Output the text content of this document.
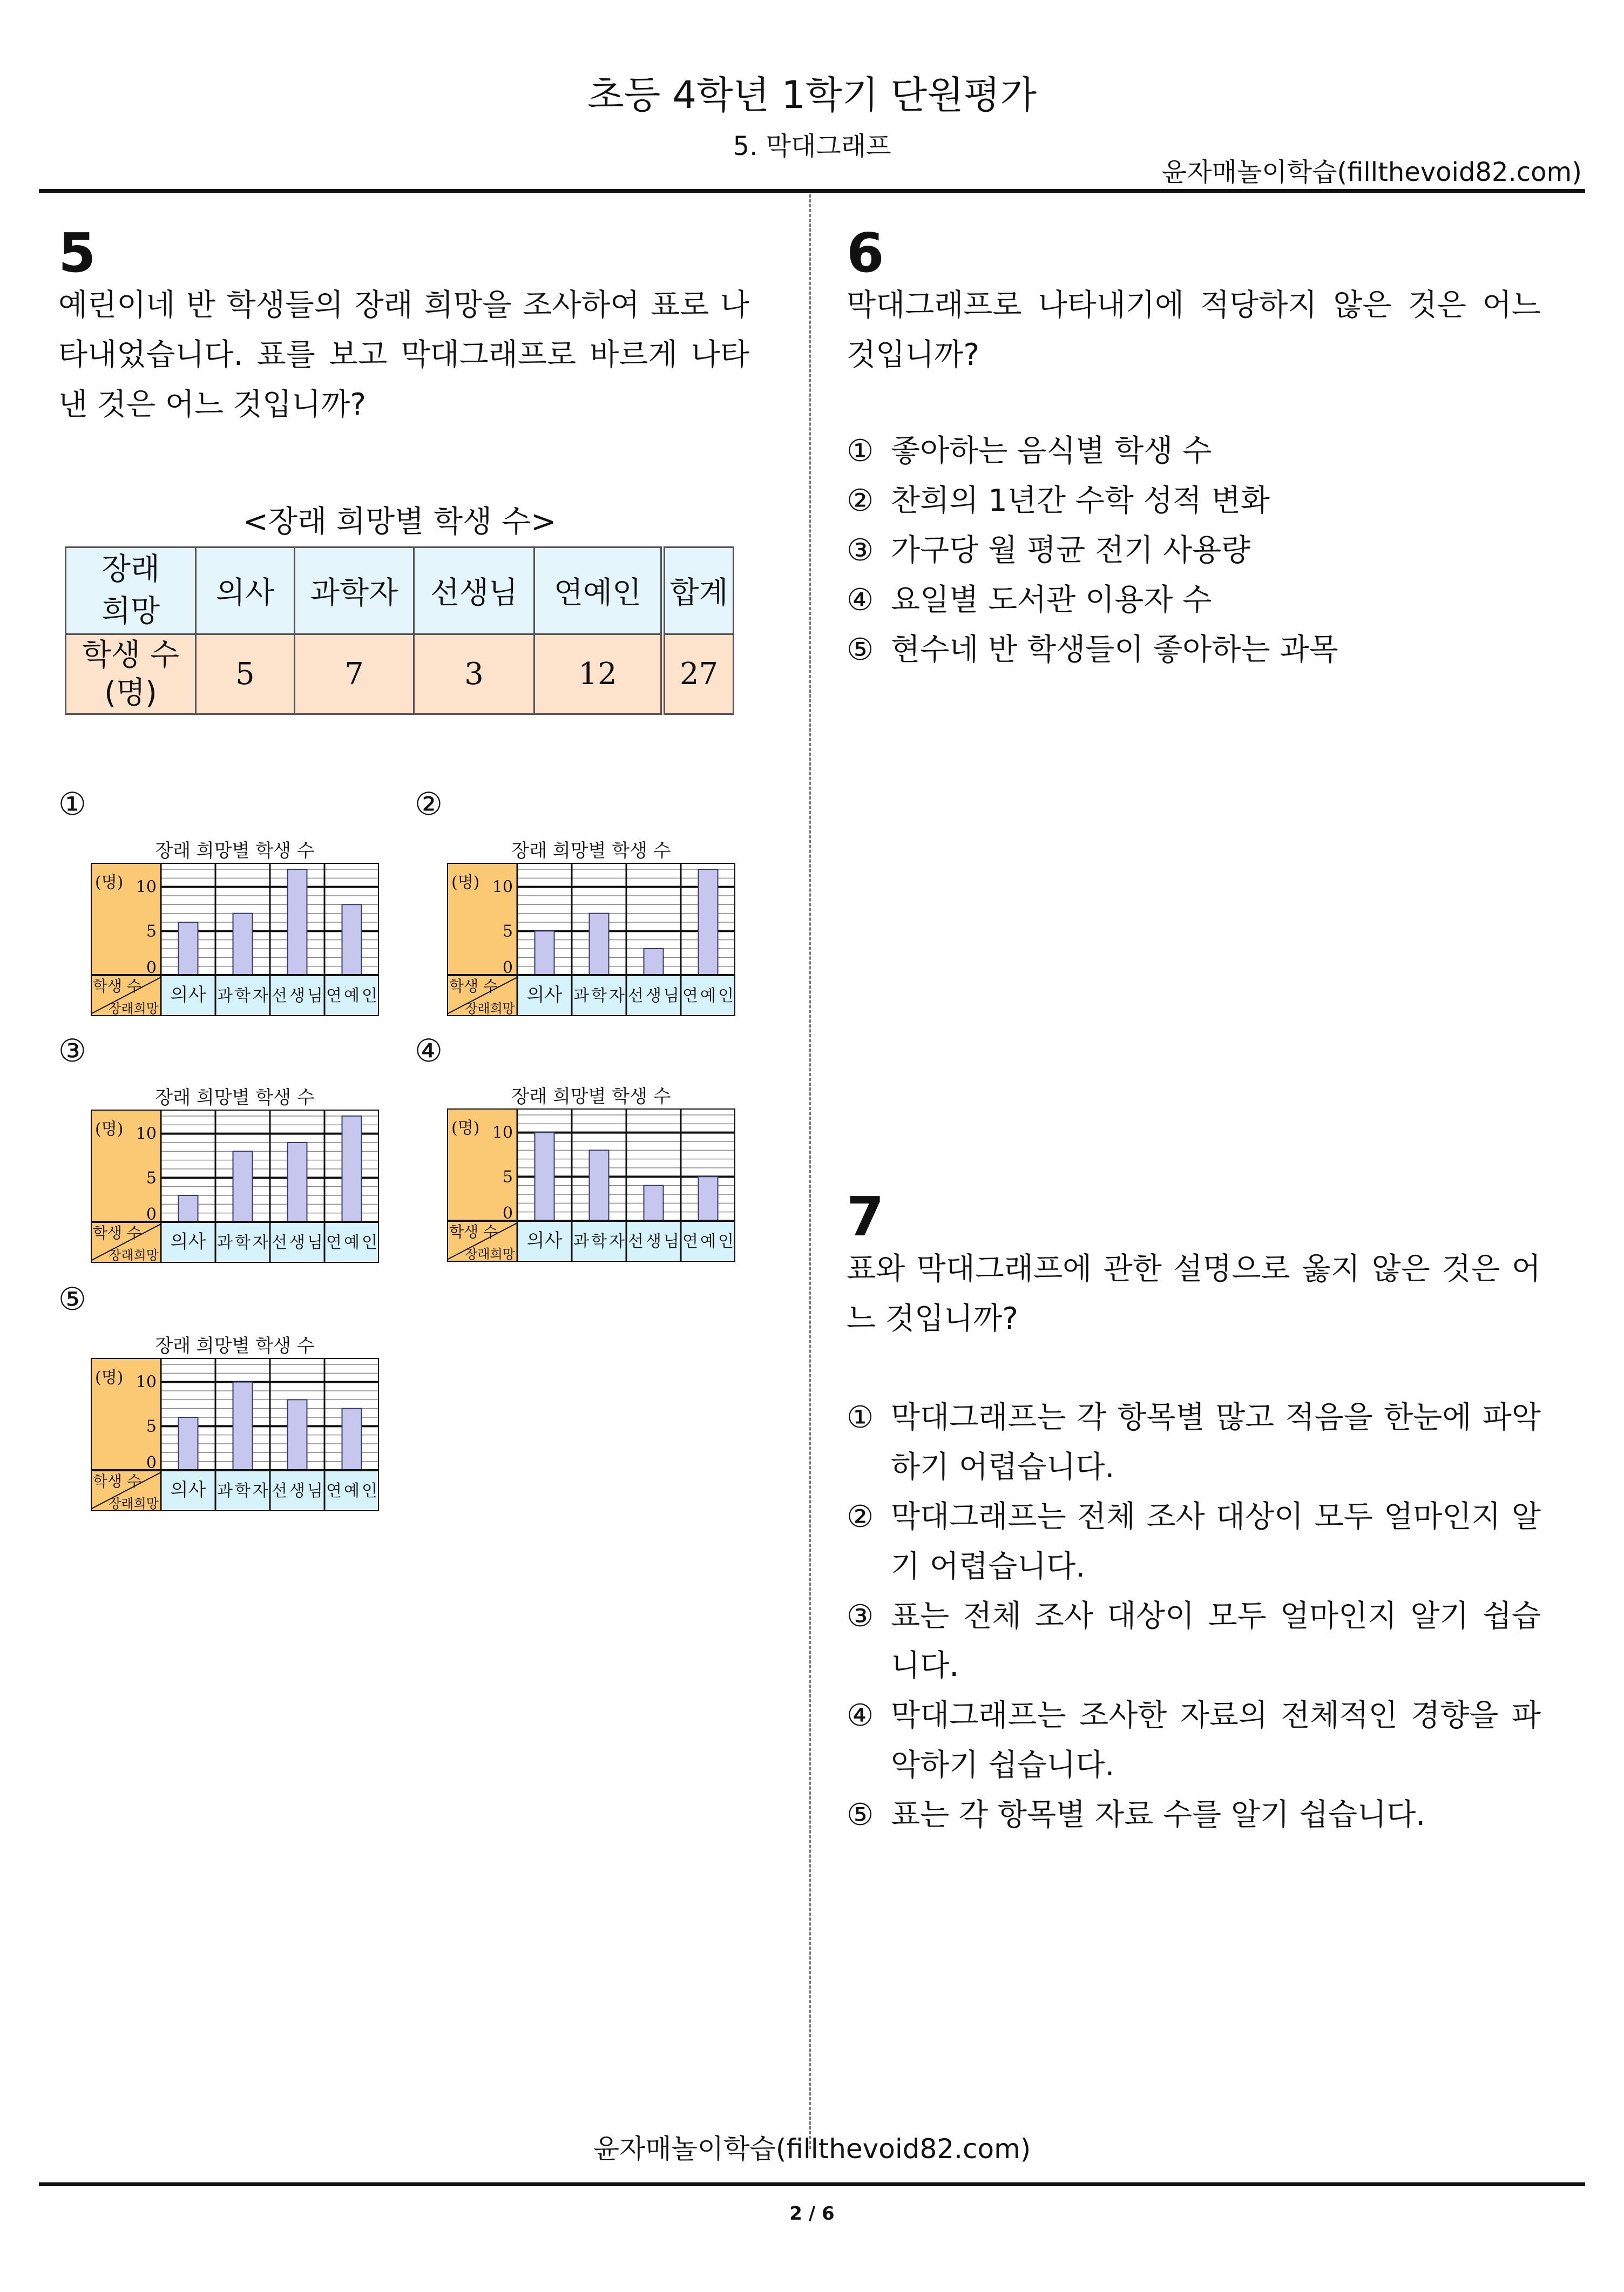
초등 4학년 1학기 단원평가
5. 막대그래프
윤자매놀이학습(fillthevoid82.com)
5
예린이네 반 학생들의 장래 희망을 조사하여 표로 나타내었습니다. 표를 보고 막대그래프로 바르게 나타낸 것은 어느 것입니까?
<장래 희망별 학생 수>
장래
희망	의사	과학자	선생님	연예인	합계

학생 수
(명)	5	7	3	12	27
①
장래 희망별 학생 수
(명)
0
5
10
학생 수
장래희망
의사 과학자 선생님 연예인
②
장래 희망별 학생 수
(명)
0
5
10
학생 수
장래희망
의사 과학자 선생님 연예인
③
장래 희망별 학생 수
(명)
0
5
10
학생 수
장래희망
의사 과학자 선생님 연예인
④
장래 희망별 학생 수
(명)
0
5
10
학생 수
장래희망
의사 과학자 선생님 연예인
⑤
장래 희망별 학생 수
(명)
0
5
10
학생 수
장래희망
의사 과학자 선생님 연예인
6
막대그래프로 나타내기에 적당하지 않은 것은 어느 것입니까?
① 좋아하는 음식별 학생 수
② 찬희의 1년간 수학 성적 변화
③ 가구당 월 평균 전기 사용량
④ 요일별 도서관 이용자 수
⑤ 현수네 반 학생들이 좋아하는 과목
7
표와 막대그래프에 관한 설명으로 옳지 않은 것은 어느 것입니까?
① 막대그래프는 각 항목별 많고 적음을 한눈에 파악하기 어렵습니다.
② 막대그래프는 전체 조사 대상이 모두 얼마인지 알기 어렵습니다.
③ 표는 전체 조사 대상이 모두 얼마인지 알기 쉽습니다.
④ 막대그래프는 조사한 자료의 전체적인 경향을 파악하기 쉽습니다.
⑤ 표는 각 항목별 자료 수를 알기 쉽습니다.
윤자매놀이학습(fillthevoid82.com)
2 / 6
